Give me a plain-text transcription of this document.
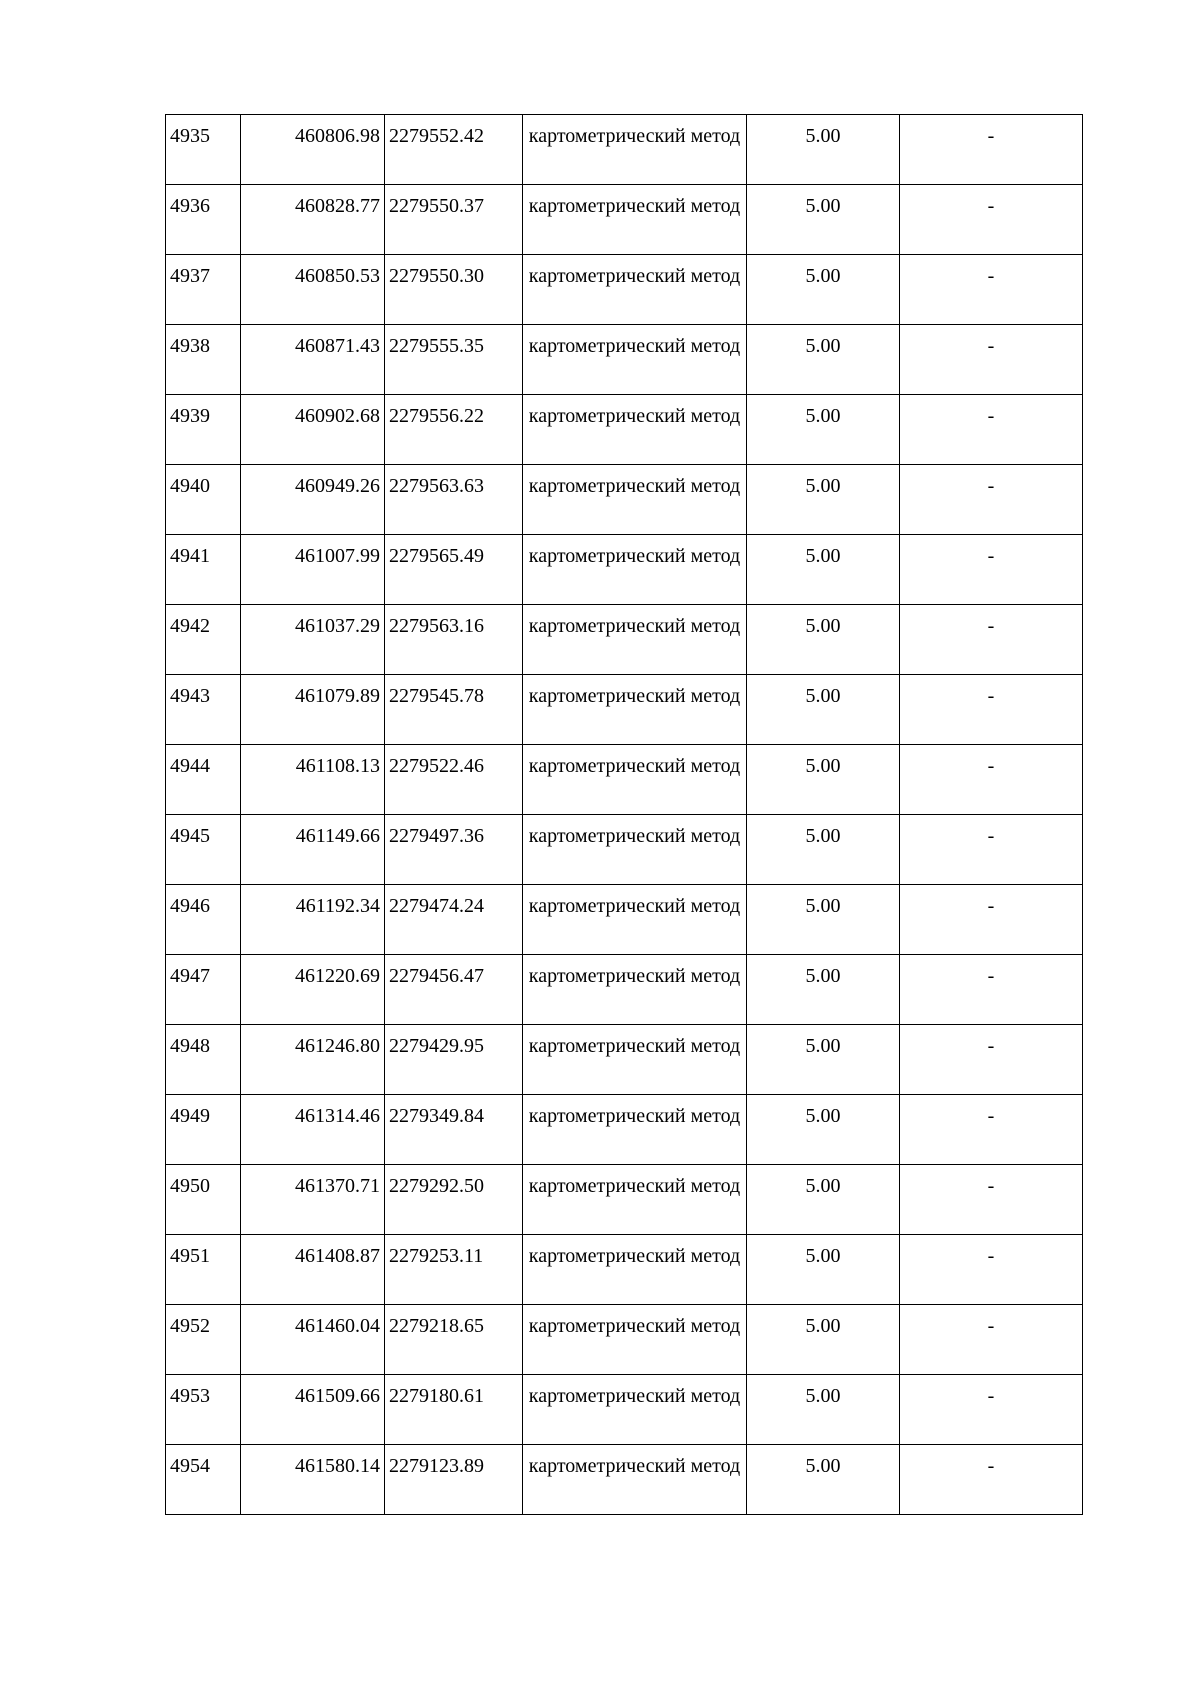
4935	460806.98	2279552.42	картометрический метод	5.00	-
4936	460828.77	2279550.37	картометрический метод	5.00	-
4937	460850.53	2279550.30	картометрический метод	5.00	-
4938	460871.43	2279555.35	картометрический метод	5.00	-
4939	460902.68	2279556.22	картометрический метод	5.00	-
4940	460949.26	2279563.63	картометрический метод	5.00	-
4941	461007.99	2279565.49	картометрический метод	5.00	-
4942	461037.29	2279563.16	картометрический метод	5.00	-
4943	461079.89	2279545.78	картометрический метод	5.00	-
4944	461108.13	2279522.46	картометрический метод	5.00	-
4945	461149.66	2279497.36	картометрический метод	5.00	-
4946	461192.34	2279474.24	картометрический метод	5.00	-
4947	461220.69	2279456.47	картометрический метод	5.00	-
4948	461246.80	2279429.95	картометрический метод	5.00	-
4949	461314.46	2279349.84	картометрический метод	5.00	-
4950	461370.71	2279292.50	картометрический метод	5.00	-
4951	461408.87	2279253.11	картометрический метод	5.00	-
4952	461460.04	2279218.65	картометрический метод	5.00	-
4953	461509.66	2279180.61	картометрический метод	5.00	-
4954	461580.14	2279123.89	картометрический метод	5.00	-
